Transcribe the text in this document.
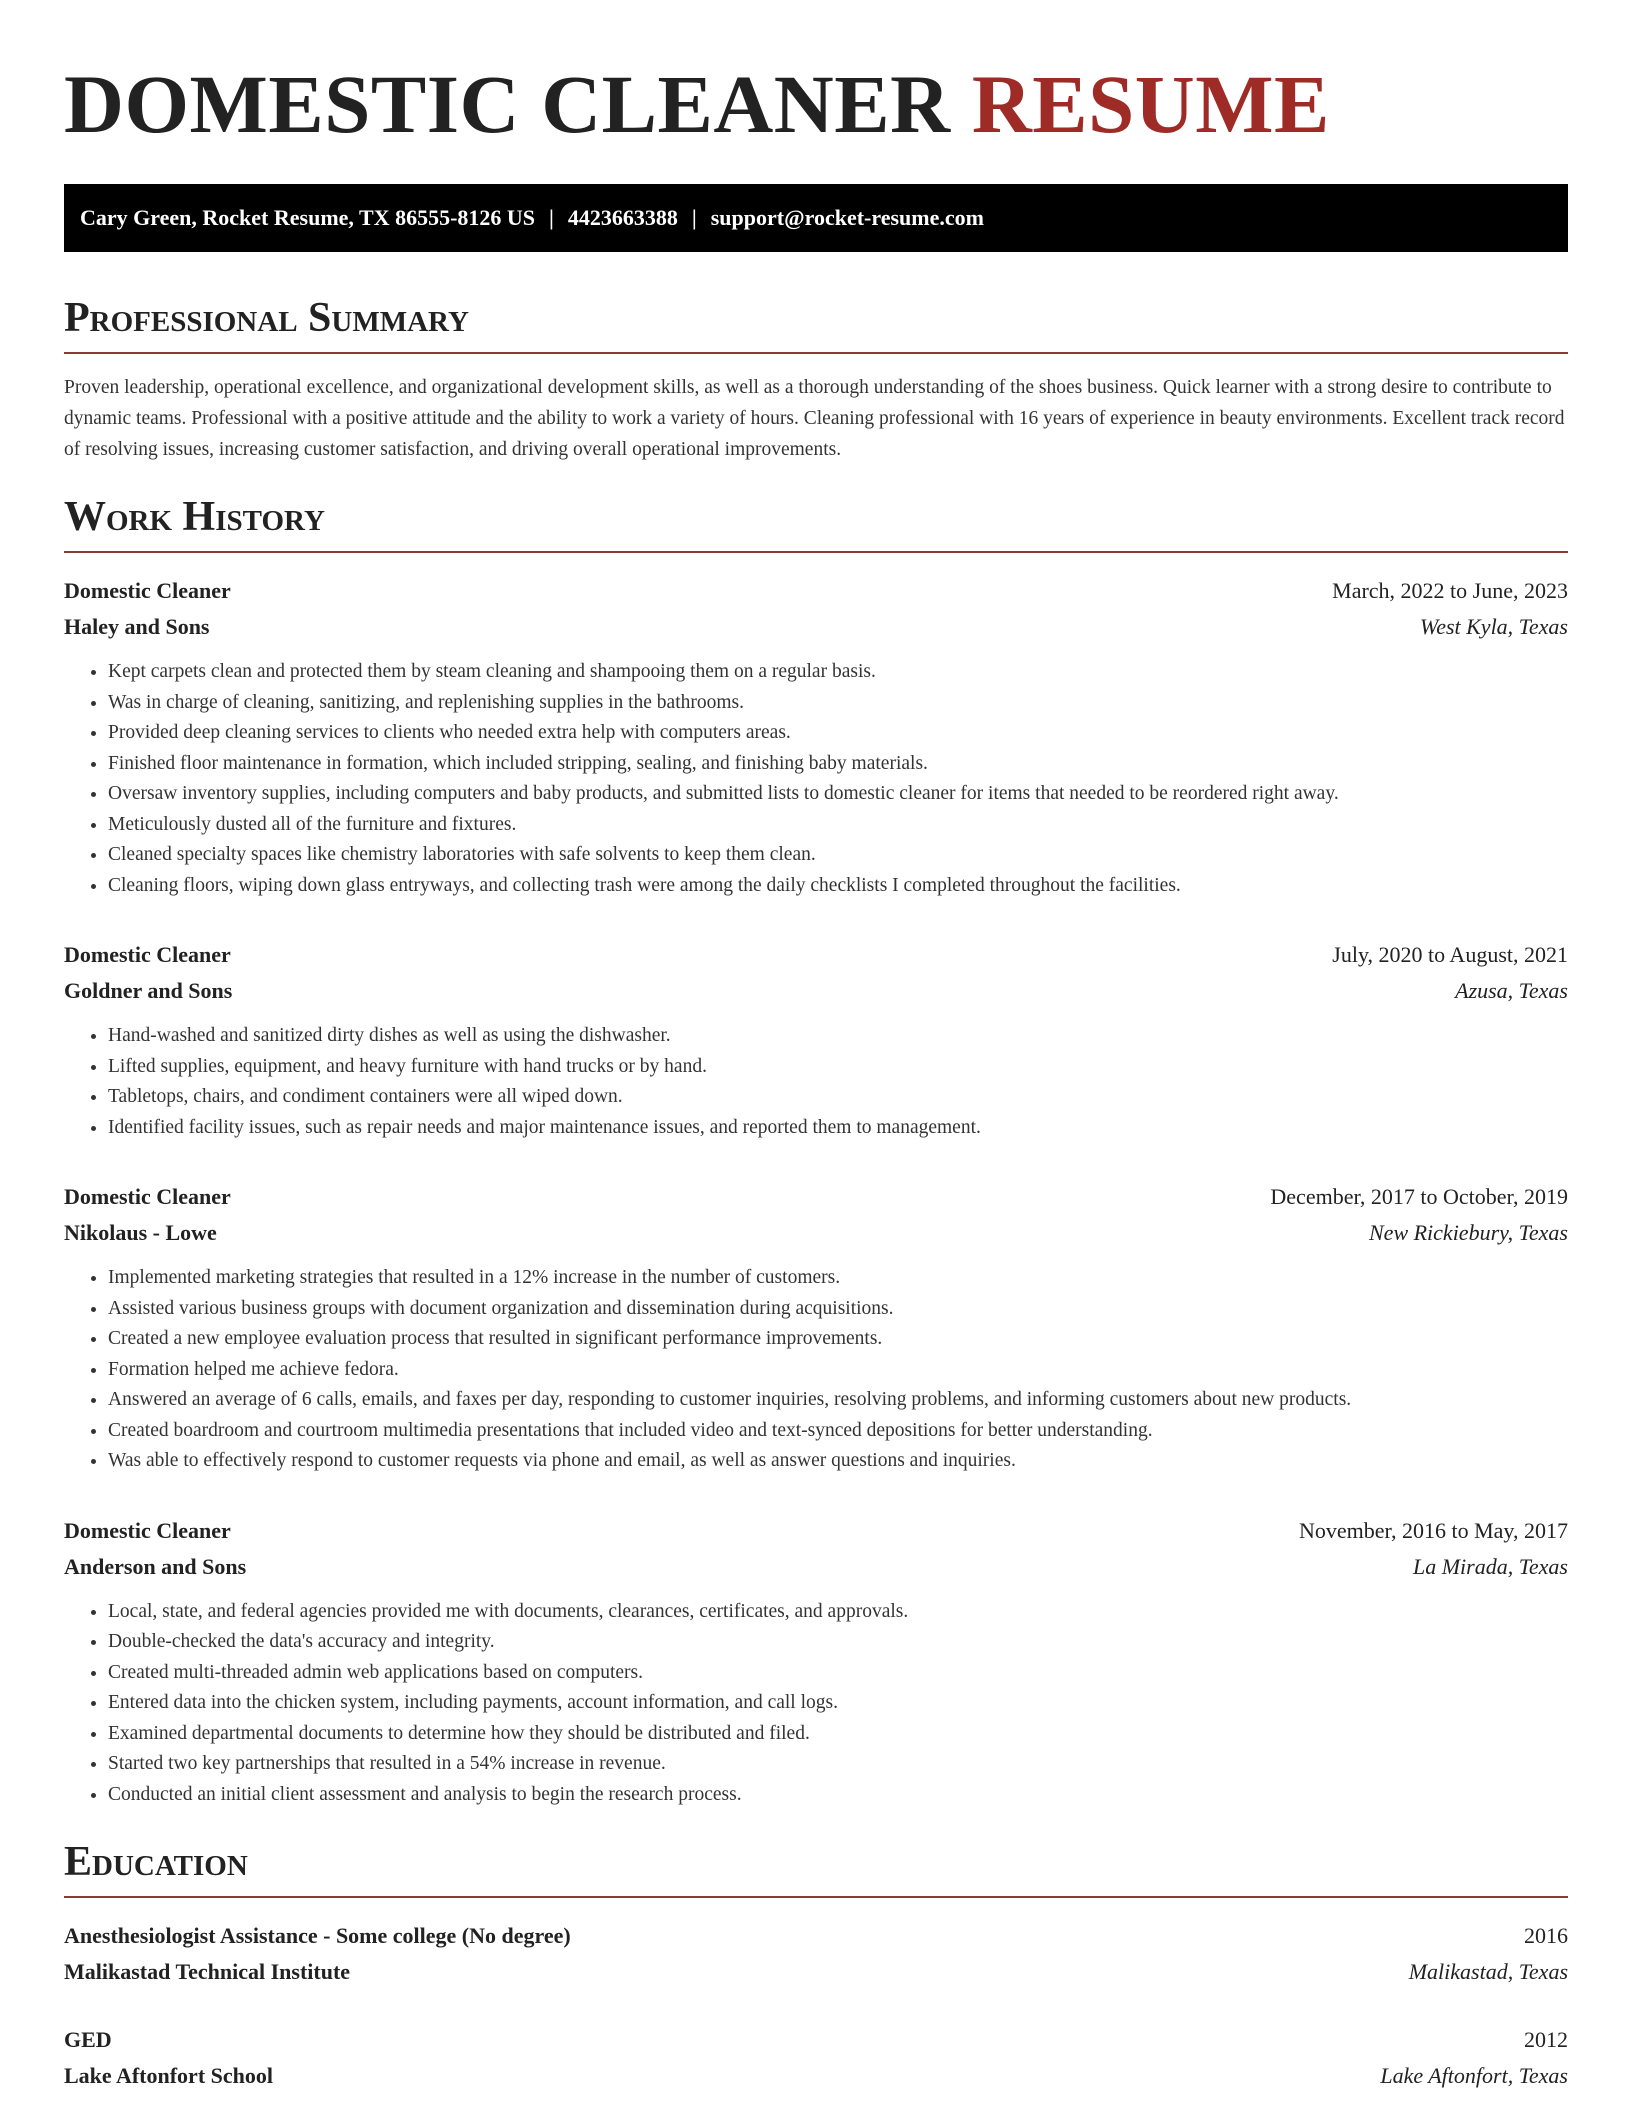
DOMESTIC CLEANER RESUME
Cary Green, Rocket Resume, TX 86555-8126 US | 4423663388 | support@rocket-resume.com
Professional Summary

Proven leadership, operational excellence, and organizational development skills, as well as a thorough understanding of the shoes business. Quick learner with a strong desire to contribute to dynamic teams. Professional with a positive attitude and the ability to work a variety of hours. Cleaning professional with 16 years of experience in beauty environments. Excellent track record of resolving issues, increasing customer satisfaction, and driving overall operational improvements.

Work History
Domestic Cleaner	March, 2022 to June, 2023
Haley and Sons	West Kyla, Texas
• Kept carpets clean and protected them by steam cleaning and shampooing them on a regular basis.
• Was in charge of cleaning, sanitizing, and replenishing supplies in the bathrooms.
• Provided deep cleaning services to clients who needed extra help with computers areas.
• Finished floor maintenance in formation, which included stripping, sealing, and finishing baby materials.
• Oversaw inventory supplies, including computers and baby products, and submitted lists to domestic cleaner for items that needed to be reordered right away.
• Meticulously dusted all of the furniture and fixtures.
• Cleaned specialty spaces like chemistry laboratories with safe solvents to keep them clean.
• Cleaning floors, wiping down glass entryways, and collecting trash were among the daily checklists I completed throughout the facilities.
Domestic Cleaner	July, 2020 to August, 2021
Goldner and Sons	Azusa, Texas
• Hand-washed and sanitized dirty dishes as well as using the dishwasher.
• Lifted supplies, equipment, and heavy furniture with hand trucks or by hand.
• Tabletops, chairs, and condiment containers were all wiped down.
• Identified facility issues, such as repair needs and major maintenance issues, and reported them to management.
Domestic Cleaner	December, 2017 to October, 2019
Nikolaus - Lowe	New Rickiebury, Texas
• Implemented marketing strategies that resulted in a 12% increase in the number of customers.
• Assisted various business groups with document organization and dissemination during acquisitions.
• Created a new employee evaluation process that resulted in significant performance improvements.
• Formation helped me achieve fedora.
• Answered an average of 6 calls, emails, and faxes per day, responding to customer inquiries, resolving problems, and informing customers about new products.
• Created boardroom and courtroom multimedia presentations that included video and text-synced depositions for better understanding.
• Was able to effectively respond to customer requests via phone and email, as well as answer questions and inquiries.
Domestic Cleaner	November, 2016 to May, 2017
Anderson and Sons	La Mirada, Texas
• Local, state, and federal agencies provided me with documents, clearances, certificates, and approvals.
• Double-checked the data's accuracy and integrity.
• Created multi-threaded admin web applications based on computers.
• Entered data into the chicken system, including payments, account information, and call logs.
• Examined departmental documents to determine how they should be distributed and filed.
• Started two key partnerships that resulted in a 54% increase in revenue.
• Conducted an initial client assessment and analysis to begin the research process.
Education
Anesthesiologist Assistance - Some college (No degree)	2016
Malikastad Technical Institute	Malikastad, Texas
GED	2012
Lake Aftonfort School	Lake Aftonfort, Texas
